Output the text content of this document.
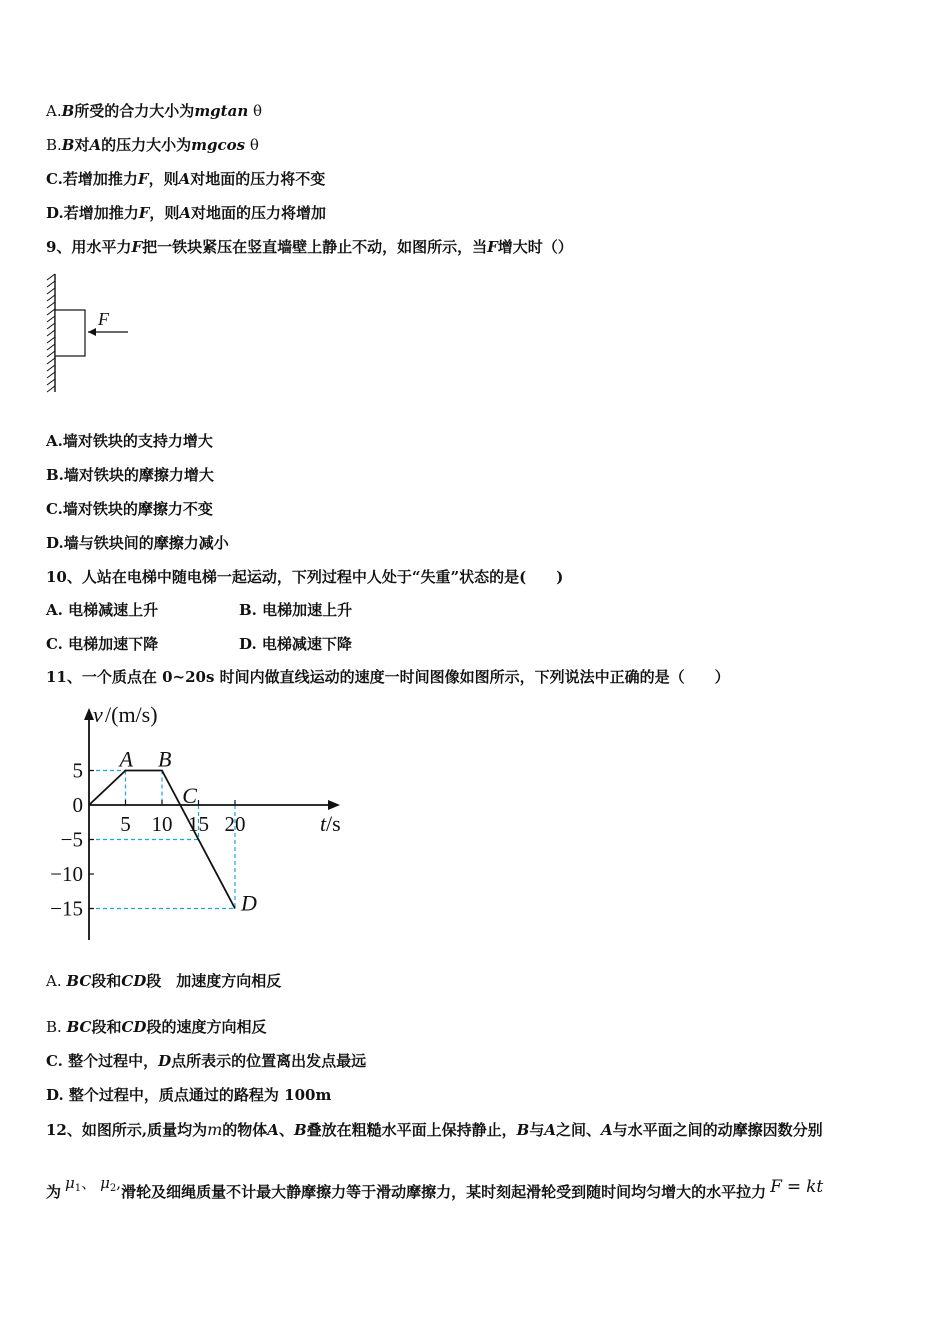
A.B所受的合力大小为mgtan θ
B.B对A的压力大小为mgcos θ
C.若增加推力F，则A对地面的压力将不变
D.若增加推力F，则A对地面的压力将增加
9、用水平力F把一铁块紧压在竖直墙壁上静止不动，如图所示，当F增大时（）
F
A.墙对铁块的支持力增大
B.墙对铁块的摩擦力增大
C.墙对铁块的摩擦力不变
D.墙与铁块间的摩擦力减小
10、人站在电梯中随电梯一起运动，下列过程中人处于“失重”状态的是(　　)
A. 电梯减速上升	B. 电梯加速上升
C. 电梯加速下降	D. 电梯减速下降
11、一个质点在 0~20s 时间内做直线运动的速度一时间图像如图所示，下列说法中正确的是（　　）
5
0
−5
−10
−15
5 10 15 20
v /(m/s)
t /s
A B
C
D
A. BC段和CD段　加速度方向相反
B. BC段和CD段的速度方向相反
C. 整个过程中，D点所表示的位置离出发点最远
D. 整个过程中，质点通过的路程为 100m
12、如图所示,质量均为m的物体A、B叠放在粗糙水平面上保持静止，B与A之间、A与水平面之间的动摩擦因数分别
为 $\mu^1$、 $\mu^2$,滑轮及细绳质量不计最大静摩擦力等于滑动摩擦力，某时刻起滑轮受到随时间均匀增大的水平拉力 F = kt
